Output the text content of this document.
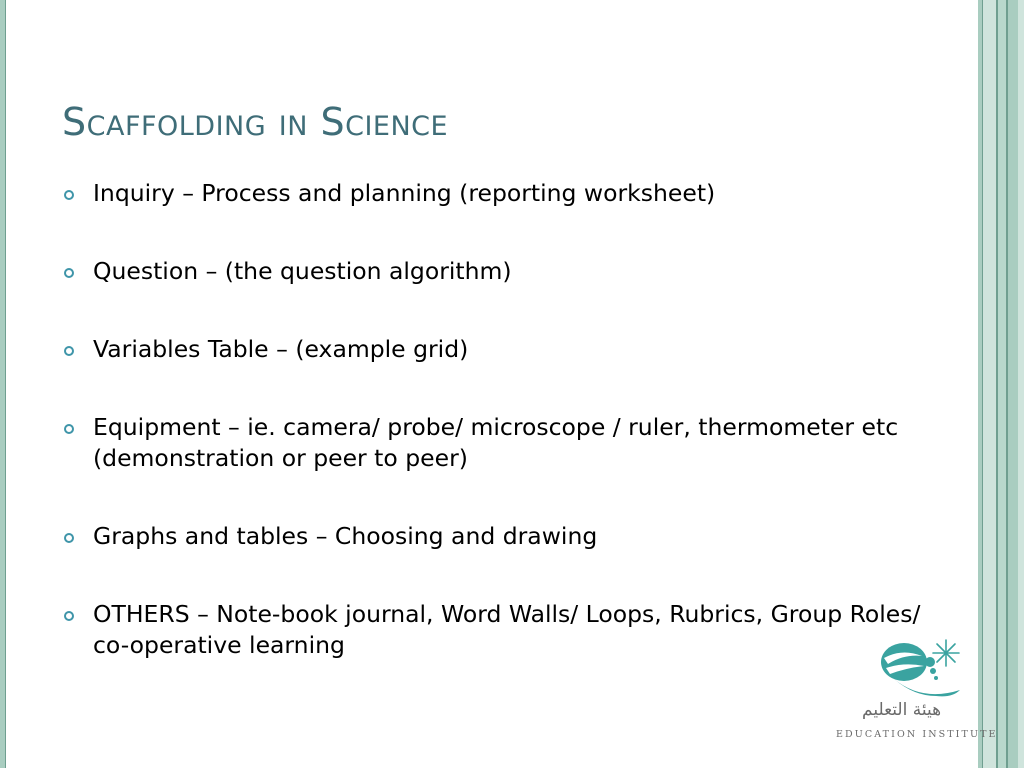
Scaffolding in Science
Inquiry – Process and planning (reporting worksheet)
Question – (the question algorithm)
Variables Table – (example grid)
Equipment – ie. camera/ probe/ microscope / ruler, thermometer etc (demonstration or peer to peer)
Graphs and tables – Choosing and drawing
OTHERS – Note-book journal, Word Walls/ Loops, Rubrics, Group Roles/ co-operative learning
هيئة التعليم
EDUCATION INSTITUTE
